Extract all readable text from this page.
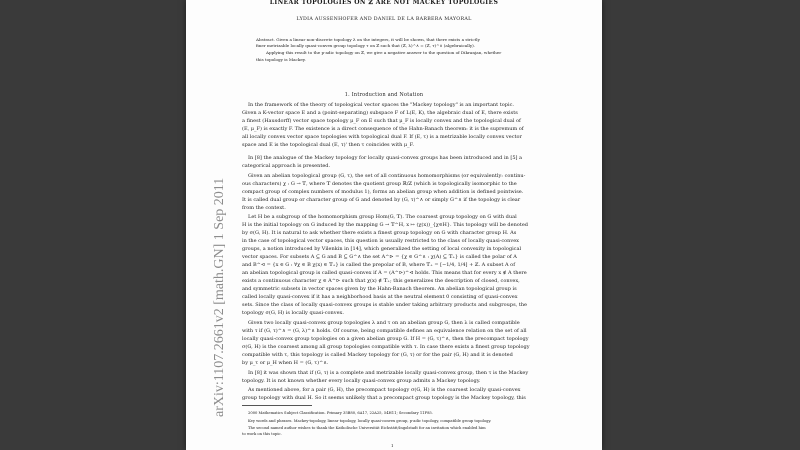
LINEAR TOPOLOGIES ON ℤ ARE NOT MACKEY TOPOLOGIES

LYDIA AUSSENHOFER AND DANIEL DE LA BARBERA MAYORAL

Abstract. Given a linear non-discrete topology λ on the integers, it will be shown, that there exists a strictly

finer metrizable locally quasi-convex group topology τ on ℤ such that (ℤ, λ)^∧ = (ℤ, τ)^∧ (algebraically).

Applying this result to the p-adic topology on ℤ, we give a negative answer to the question of Dikranjan, whether

this topology is Mackey.

1. Introduction and Notation

In the framework of the theory of topological vector spaces the "Mackey topology" is an important topic.

Given a K-vector space E and a (point-separating) subspace F of L(E, K), the algebraic dual of E, there exists

a finest (Hausdorff) vector space topology μ_F on E such that μ_F is locally convex and the topological dual of

(E, μ_F) is exactly F. The existence is a direct consequence of the Hahn-Banach theorem: it is the supremum of

all locally convex vector space topologies with topological dual F. If (E, τ) is a metrizable locally convex vector

space and E is the topological dual (E, τ)' then τ coincides with μ_F.

In [8] the analogue of the Mackey topology for locally quasi-convex groups has been introduced and in [5] a

categorical approach is presented.

Given an abelian topological group (G, τ), the set of all continuous homomorphisms (or equivalently: continu-

ous characters) χ : G → 𝕋, where 𝕋 denotes the quotient group ℝ/ℤ (which is topologically isomorphic to the

compact group of complex numbers of modulus 1), forms an abelian group when addition is defined pointwise.

It is called dual group or character group of G and denoted by (G, τ)^∧ or simply G^∧ if the topology is clear

from the context.

Let H be a subgroup of the homomorphism group Hom(G, 𝕋). The coarsest group topology on G with dual

H is the initial topology on G induced by the mapping G → 𝕋^H, x ↦ (χ(x))_{χ∈H}. This topology will be denoted

by σ(G, H). It is natural to ask whether there exists a finest group topology on G with character group H. As

in the case of topological vector spaces, this question is usually restricted to the class of locally quasi-convex

groups, a notion introduced by Vilenkin in [14], which generalized the setting of local convexity in topological

vector spaces. For subsets A ⊆ G and B ⊆ G^∧ the set A^⊳ = {χ ∈ G^∧ : χ(A) ⊆ 𝕋₊} is called the polar of A

and B^⊲ = {x ∈ G : ∀χ ∈ B χ(x) ∈ 𝕋₊} is called the prepolar of B, where 𝕋₊ = [−1/4, 1/4] + ℤ. A subset A of

an abelian topological group is called quasi-convex if A = (A^⊳)^⊲ holds. This means that for every x ∉ A there

exists a continuous character χ ∈ A^⊳ such that χ(x) ∉ 𝕋₊; this generalizes the description of closed, convex,

and symmetric subsets in vector spaces given by the Hahn-Banach theorem. An abelian topological group is

called locally quasi-convex if it has a neighborhood basis at the neutral element 0 consisting of quasi-convex

sets. Since the class of locally quasi-convex groups is stable under taking arbitrary products and subgroups, the

topology σ(G, H) is locally quasi-convex.

Given two locally quasi-convex group topologies λ and τ on an abelian group G, then λ is called compatible

with τ if (G, τ)^∧ = (G, λ)^∧ holds. Of course, being compatible defines an equivalence relation on the set of all

locally quasi-convex group topologies on a given abelian group G. If H = (G, τ)^∧, then the precompact topology

σ(G, H) is the coarsest among all group topologies compatible with τ. In case there exists a finest group topology

compatible with τ, this topology is called Mackey topology for (G, τ) or for the pair (G, H) and it is denoted

by μ_τ or μ_H when H = (G, τ)^∧.

In [8] it was shown that if (G, τ) is a complete and metrizable locally quasi-convex group, then τ is the Mackey

topology. It is not known whether every locally quasi-convex group admits a Mackey topology.

As mentioned above, for a pair (G, H), the precompact topology σ(G, H) is the coarsest locally quasi-convex

group topology with dual H. So it seems unlikely that a precompact group topology is the Mackey topology, this

2000 Mathematics Subject Classification. Primary 35B80, 6A17, 22A25, 54H11; Secondary 11F85.

Key words and phrases. Mackey-topology, linear topology, locally quasi-convex group, p-adic topology, compatible group topology.

The second named author wishes to thank the Katholische Universität Eichstätt/Ingolstadt for an invitation which enabled him

to work on this topic.

1
arXiv:1107.2661v2 [math.GN] 1 Sep 2011
